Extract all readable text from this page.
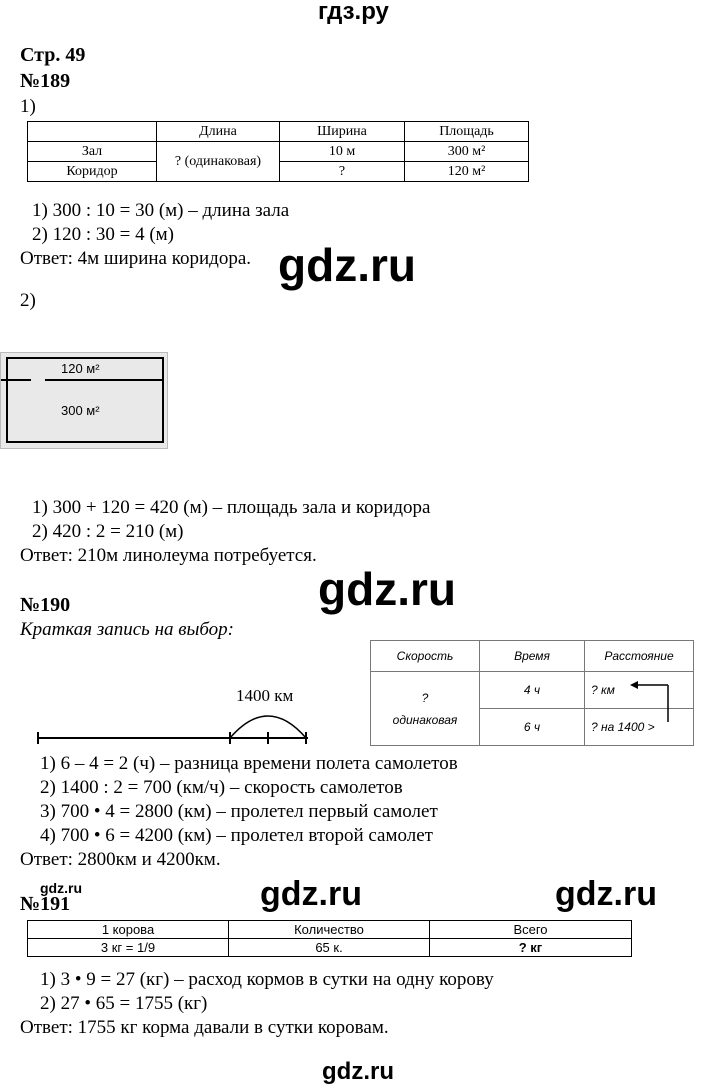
гдз.ру
Стр. 49
№189
1)
	Длина	Ширина	Площадь
Зал	? (одинаковая)	10 м	300 м²
Коридор		?	120 м²
1) 300 : 10 = 30 (м) – длина зала
2) 120 : 30 = 4 (м)
Ответ: 4м ширина коридора. gdz.ru
2)
120 м²
300 м²
1) 300 + 120 = 420 (м) – площадь зала и коридора
2) 420 : 2 = 210 (м)
Ответ: 210м линолеума потребуется.
gdz.ru
№190
Краткая запись на выбор:
Скорость	Время	Расстояние

?
одинаковая	4 ч	? км
	6 ч	? на 1400 >
1400 км
1) 6 – 4 = 2 (ч) – разница времени полета самолетов
2) 1400 : 2 = 700 (км/ч) – скорость самолетов
3) 700 • 4 = 2800 (км) – пролетел первый самолет
4) 700 • 6 = 4200 (км) – пролетел второй самолет
Ответ: 2800км и 4200км.
gdz.ru
№191	gdz.ru	gdz.ru
1 корова	Количество	Всего
3 кг = 1/9	65 к.	? кг
1) 3 • 9 = 27 (кг) – расход кормов в сутки на одну корову
2) 27 • 65 = 1755 (кг)
Ответ: 1755 кг корма давали в сутки коровам.
gdz.ru
